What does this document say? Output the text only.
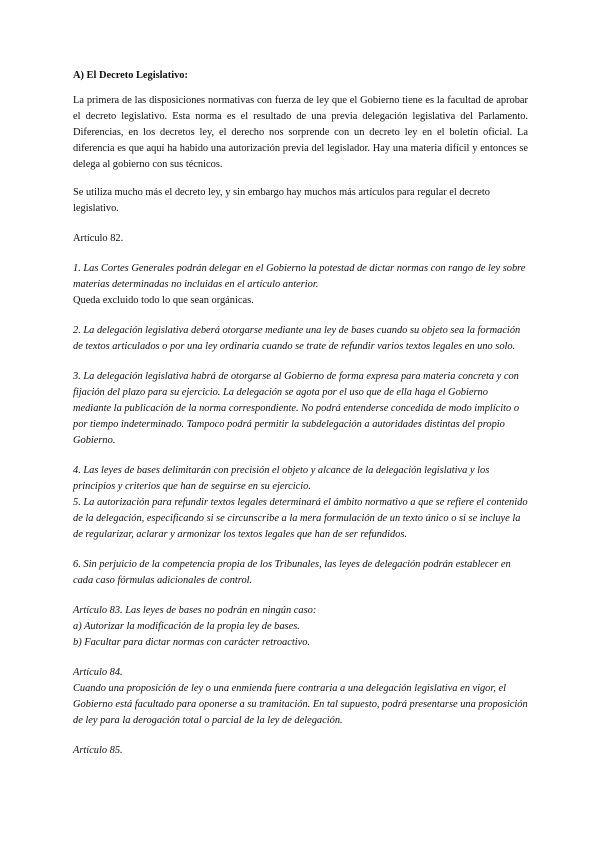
A) El Decreto Legislativo:

La primera de las disposiciones normativas con fuerza de ley que el Gobierno tiene es la facultad de aprobar el decreto legislativo. Esta norma es el resultado de una previa delegación legislativa del Parlamento. Diferencias, en los decretos ley, el derecho nos sorprende con un decreto ley en el boletín oficial. La diferencia es que aquí ha habido una autorización previa del legislador. Hay una materia difícil y entonces se delega al gobierno con sus técnicos.

Se utiliza mucho más el decreto ley, y sin embargo hay muchos más artículos para regular el decreto legislativo.

Artículo 82.

1. Las Cortes Generales podrán delegar en el Gobierno la potestad de dictar normas con rango de ley sobre materias determinadas no incluidas en el artículo anterior.
Queda excluido todo lo que sean orgánicas.

2. La delegación legislativa deberá otorgarse mediante una ley de bases cuando su objeto sea la formación de textos articulados o por una ley ordinaria cuando se trate de refundir varios textos legales en uno solo.

3. La delegación legislativa habrá de otorgarse al Gobierno de forma expresa para materia concreta y con fijación del plazo para su ejercicio. La delegación se agota por el uso que de ella haga el Gobierno mediante la publicación de la norma correspondiente. No podrá entenderse concedida de modo implícito o por tiempo indeterminado. Tampoco podrá permitir la subdelegación a autoridades distintas del propio Gobierno.

4. Las leyes de bases delimitarán con precisión el objeto y alcance de la delegación legislativa y los principios y criterios que han de seguirse en su ejercicio.
5. La autorización para refundir textos legales determinará el ámbito normativo a que se refiere el contenido de la delegación, especificando si se circunscribe a la mera formulación de un texto único o si se incluye la de regularizar, aclarar y armonizar los textos legales que han de ser refundidos.

6. Sin perjuicio de la competencia propia de los Tribunales, las leyes de delegación podrán establecer en cada caso fórmulas adicionales de control.

Artículo 83. Las leyes de bases no podrán en ningún caso:
a) Autorizar la modificación de la propia ley de bases.
b) Facultar para dictar normas con carácter retroactivo.
Artículo 84.
Cuando una proposición de ley o una enmienda fuere contraria a una delegación legislativa en vigor, el Gobierno está facultado para oponerse a su tramitación. En tal supuesto, podrá presentarse una proposición de ley para la derogación total o parcial de la ley de delegación.

Artículo 85.
